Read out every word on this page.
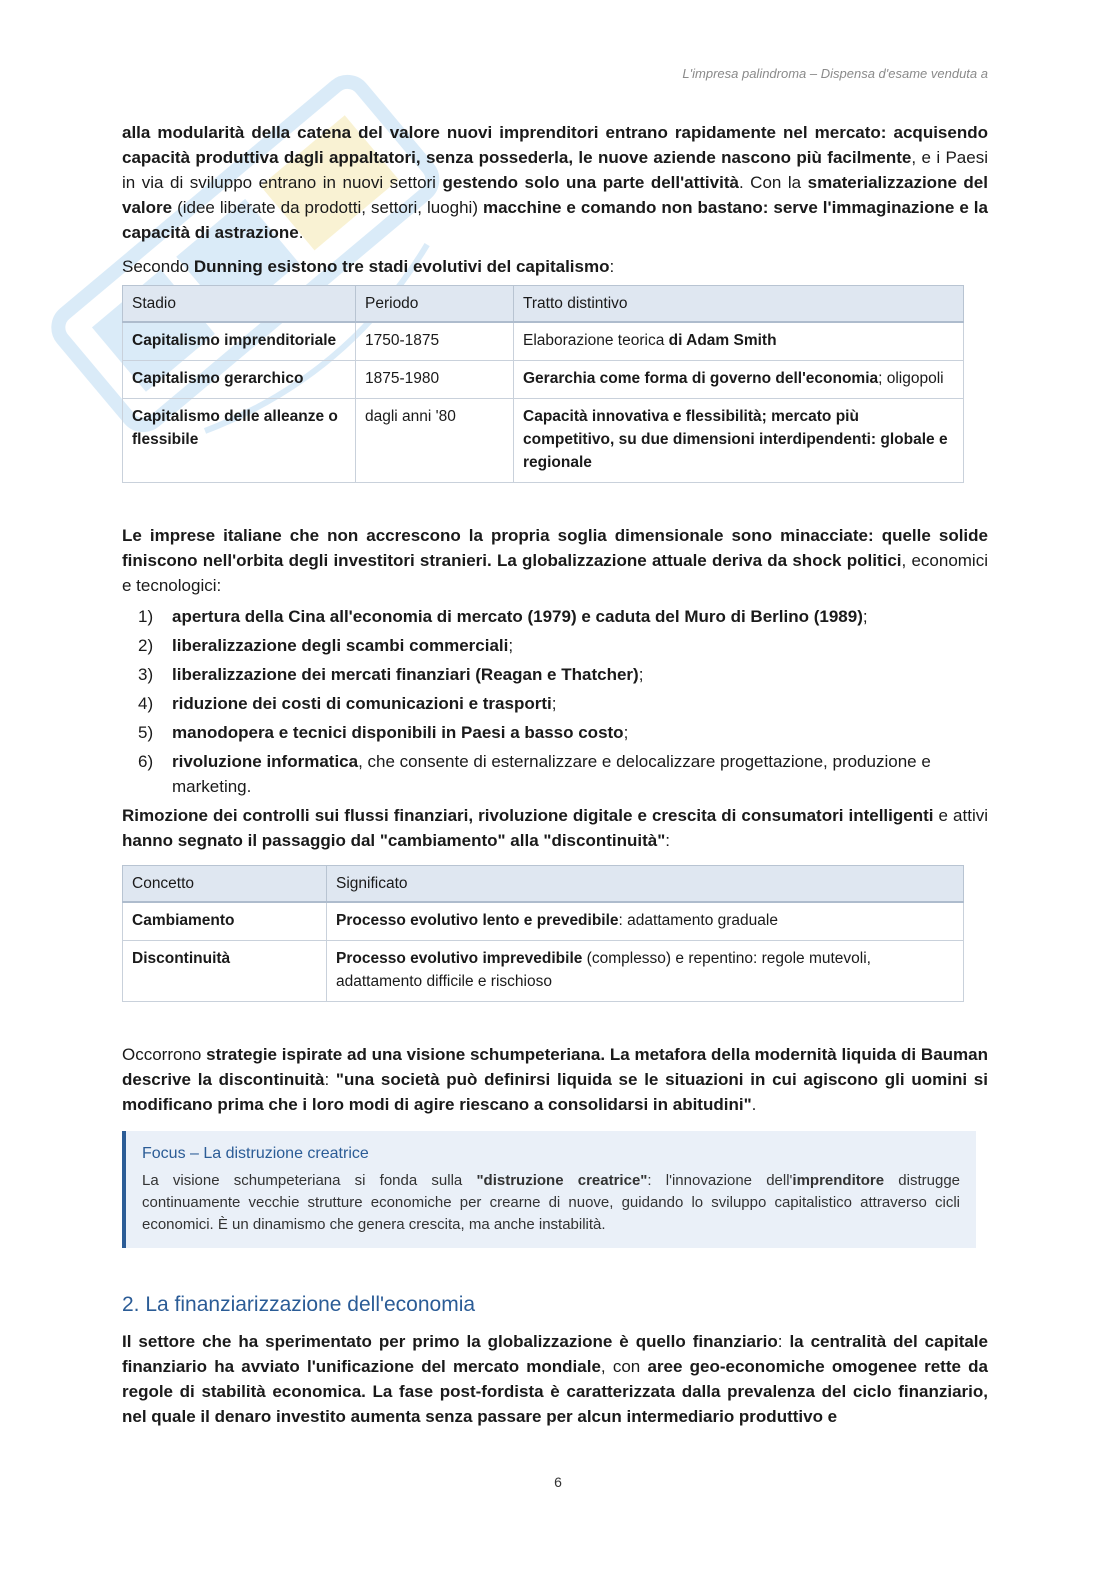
L'impresa palindroma – Dispensa d'esame venduta a

alla modularità della catena del valore nuovi imprenditori entrano rapidamente nel mercato: acquisendo capacità produttiva dagli appaltatori, senza possederla, le nuove aziende nascono più facilmente, e i Paesi in via di sviluppo entrano in nuovi settori gestendo solo una parte dell'attività. Con la smaterializzazione del valore (idee liberate da prodotti, settori, luoghi) macchine e comando non bastano: serve l'immaginazione e la capacità di astrazione.

Secondo Dunning esistono tre stadi evolutivi del capitalismo:

Stadio	Periodo	Tratto distintivo
Capitalismo imprenditoriale	1750-1875	Elaborazione teorica di Adam Smith
Capitalismo gerarchico	1875-1980	Gerarchia come forma di governo dell'economia; oligopoli
Capitalismo delle alleanze o flessibile	dagli anni '80	Capacità innovativa e flessibilità; mercato più competitivo, su due dimensioni interdipendenti: globale e regionale

Le imprese italiane che non accrescono la propria soglia dimensionale sono minacciate: quelle solide finiscono nell'orbita degli investitori stranieri. La globalizzazione attuale deriva da shock politici, economici e tecnologici:

1) apertura della Cina all'economia di mercato (1979) e caduta del Muro di Berlino (1989);
2) liberalizzazione degli scambi commerciali;
3) liberalizzazione dei mercati finanziari (Reagan e Thatcher);
4) riduzione dei costi di comunicazioni e trasporti;
5) manodopera e tecnici disponibili in Paesi a basso costo;
6) rivoluzione informatica, che consente di esternalizzare e delocalizzare progettazione, produzione e marketing.

Rimozione dei controlli sui flussi finanziari, rivoluzione digitale e crescita di consumatori intelligenti e attivi hanno segnato il passaggio dal "cambiamento" alla "discontinuità":

Concetto	Significato
Cambiamento	Processo evolutivo lento e prevedibile: adattamento graduale
Discontinuità	Processo evolutivo imprevedibile (complesso) e repentino: regole mutevoli, adattamento difficile e rischioso

Occorrono strategie ispirate ad una visione schumpeteriana. La metafora della modernità liquida di Bauman descrive la discontinuità: "una società può definirsi liquida se le situazioni in cui agiscono gli uomini si modificano prima che i loro modi di agire riescano a consolidarsi in abitudini".

Focus – La distruzione creatrice
La visione schumpeteriana si fonda sulla "distruzione creatrice": l'innovazione dell'imprenditore distrugge continuamente vecchie strutture economiche per crearne di nuove, guidando lo sviluppo capitalistico attraverso cicli economici. È un dinamismo che genera crescita, ma anche instabilità.
2. La finanziarizzazione dell'economia

Il settore che ha sperimentato per primo la globalizzazione è quello finanziario: la centralità del capitale finanziario ha avviato l'unificazione del mercato mondiale, con aree geo-economiche omogenee rette da regole di stabilità economica. La fase post-fordista è caratterizzata dalla prevalenza del ciclo finanziario, nel quale il denaro investito aumenta senza passare per alcun intermediario produttivo e

6
